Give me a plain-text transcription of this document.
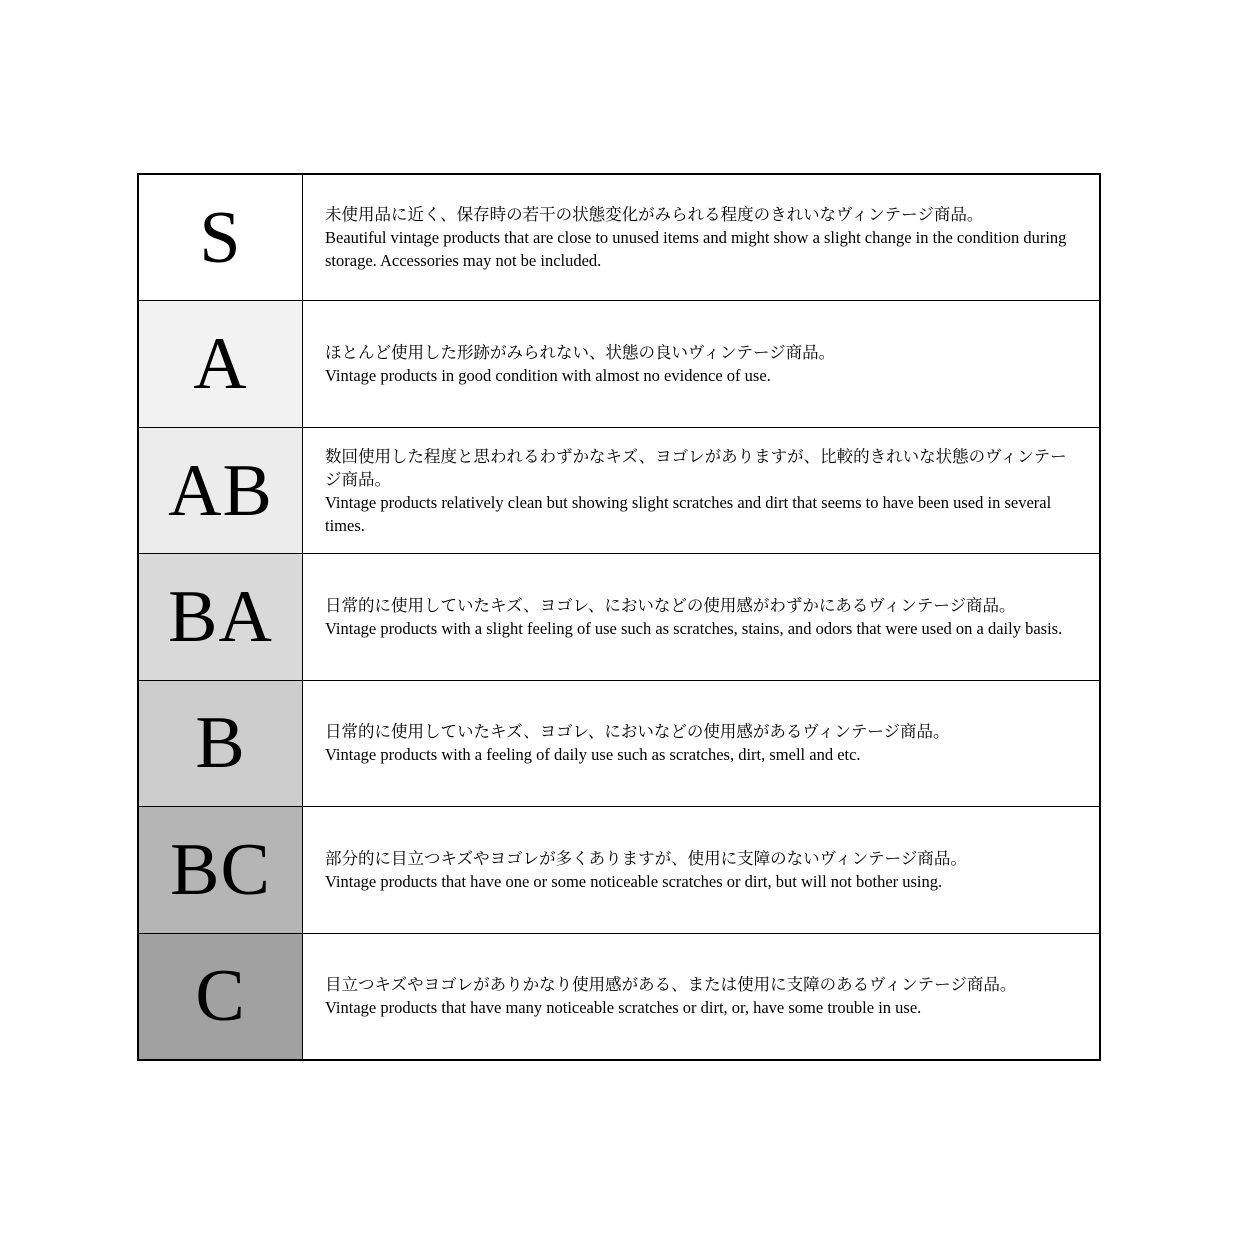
S	未使用品に近く、保存時の若干の状態変化がみられる程度のきれいなヴィンテージ商品。
Beautiful vintage products that are close to unused items and might show a slight change in the condition during storage. Accessories may not be included.
A	ほとんど使用した形跡がみられない、状態の良いヴィンテージ商品。
Vintage products in good condition with almost no evidence of use.
AB	数回使用した程度と思われるわずかなキズ、ヨゴレがありますが、比較的きれいな状態のヴィンテージ商品。
Vintage products relatively clean but showing slight scratches and dirt that seems to have been used in several times.
BA	日常的に使用していたキズ、ヨゴレ、においなどの使用感がわずかにあるヴィンテージ商品。
Vintage products with a slight feeling of use such as scratches, stains, and odors that were used on a daily basis.
B	日常的に使用していたキズ、ヨゴレ、においなどの使用感があるヴィンテージ商品。
Vintage products with a feeling of daily use such as scratches, dirt, smell and etc.
BC	部分的に目立つキズやヨゴレが多くありますが、使用に支障のないヴィンテージ商品。
Vintage products that have one or some noticeable scratches or dirt, but will not bother using.
C	目立つキズやヨゴレがありかなり使用感がある、または使用に支障のあるヴィンテージ商品。
Vintage products that have many noticeable scratches or dirt, or, have some trouble in use.
